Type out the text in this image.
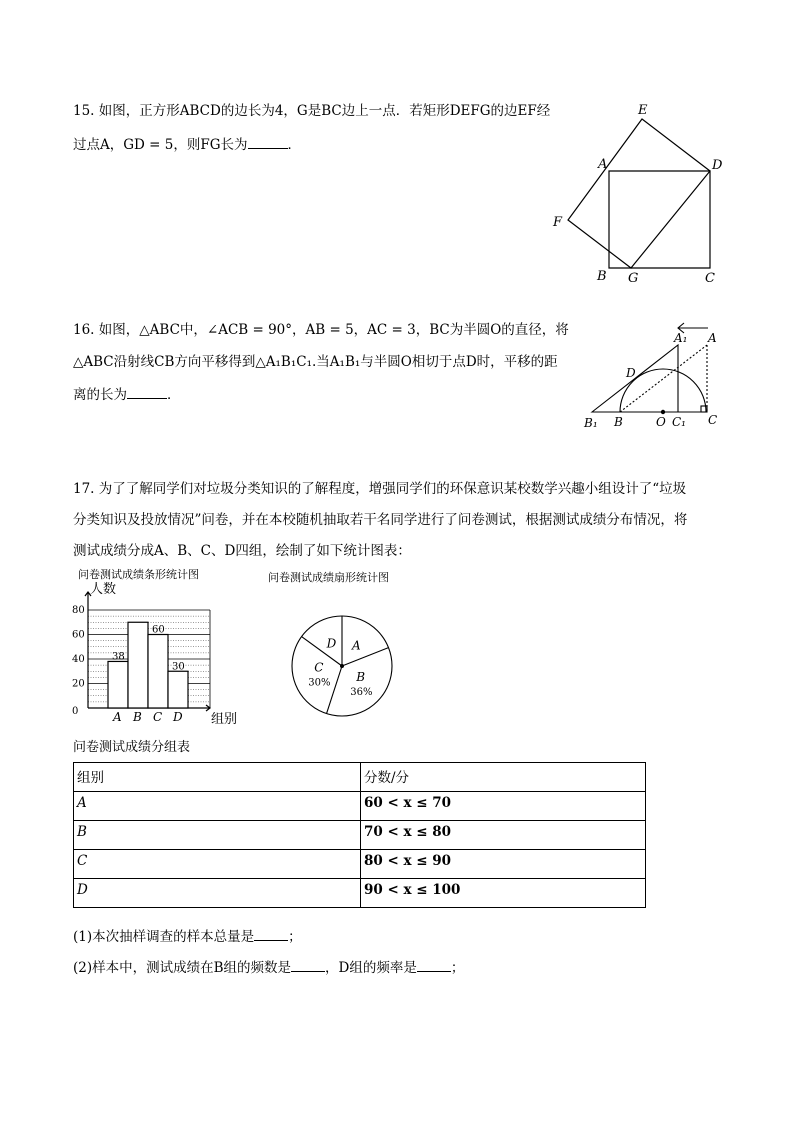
15. 如图，正方形ABCD的边长为4，G是BC边上一点．若矩形DEFG的边EF经
过点A，GD = 5，则FG长为	．
E
A	D
F
B G	C
16. 如图，△ABC中，∠ACB = 90°，AB = 5，AC = 3，BC为半圆O的直径，将
△ABC沿射线CB方向平移得到△A₁B₁C₁.当A₁B₁与半圆O相切于点D时，平移的距
离的长为	．
A₁ A
D
B₁ B	O C₁ C
17. 为了了解同学们对垃圾分类知识的了解程度，增强同学们的环保意识某校数学兴趣小组设计了“垃圾
分类知识及投放情况”问卷，并在本校随机抽取若干名同学进行了问卷测试，根据测试成绩分布情况，将
测试成绩分成A、B、C、D四组，绘制了如下统计图表：
问卷测试成绩条形统计图
人数
38
60
30
0
20
40
60
80
A B C D 组别
问卷测试成绩扇形统计图
A
B
36%
C
30%
D
问卷测试成绩分组表
组别	分数/分
A	60 < x ≤ 70
B	70 < x ≤ 80
C	80 < x ≤ 90
D	90 < x ≤ 100
(1)本次抽样调查的样本总量是	；
(2)样本中，测试成绩在B组的频数是	，D组的频率是	；
